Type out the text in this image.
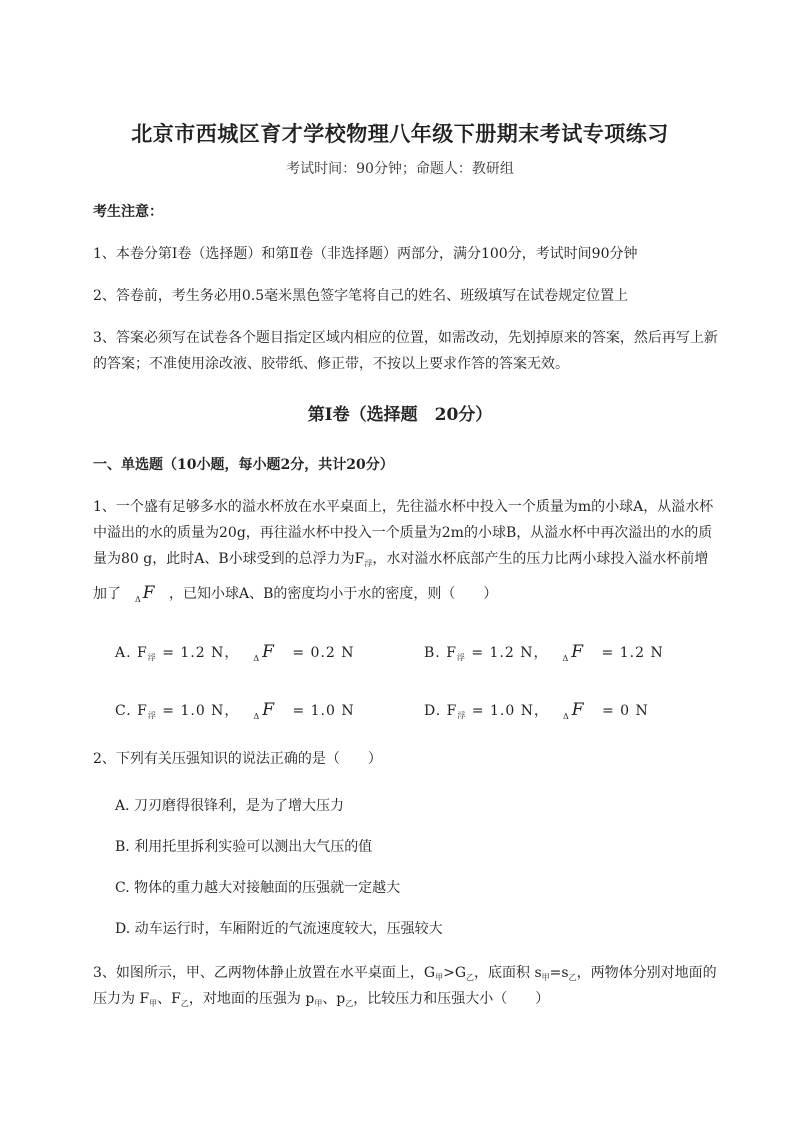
北京市西城区育才学校物理八年级下册期末考试专项练习
考试时间：90分钟；命题人：教研组
考生注意：
1、本卷分第I卷（选择题）和第Ⅱ卷（非选择题）两部分，满分100分，考试时间90分钟
2、答卷前，考生务必用0.5毫米黑色签字笔将自己的姓名、班级填写在试卷规定位置上
3、答案必须写在试卷各个题目指定区域内相应的位置，如需改动，先划掉原来的答案，然后再写上新
的答案；不准使用涂改液、胶带纸、修正带，不按以上要求作答的答案无效。
第I卷（选择题　20分）
一、单选题（10小题，每小题2分，共计20分）
1、一个盛有足够多水的溢水杯放在水平桌面上，先往溢水杯中投入一个质量为m的小球A，从溢水杯
中溢出的水的质量为20g，再往溢水杯中投入一个质量为2m的小球B，从溢水杯中再次溢出的水的质
量为80 g，此时A、B小球受到的总浮力为$F_浮$，水对溢水杯底部产生的压力比两小球投入溢水杯前增
加了 $_\Delta$ F ，已知小球A、B的密度均小于水的密度，则（　　）
A. $F_浮 = 1.2$ N， $_\Delta$ F = 0.2 N	B. $F_浮 = 1.2$ N， $_\Delta$ F = 1.2 N
C. $F_浮 = 1.0$ N， $_\Delta$ F = 1.0 N	D. $F_浮 = 1.0$ N， $_\Delta$ F = 0 N
2、下列有关压强知识的说法正确的是（　　）
A. 刀刃磨得很锋利，是为了增大压力
B. 利用托里拆利实验可以测出大气压的值
C. 物体的重力越大对接触面的压强就一定越大
D. 动车运行时，车厢附近的气流速度较大，压强较大
3、如图所示，甲、乙两物体静止放置在水平桌面上，$G_甲>G_乙$，底面积 $s_甲=s_乙$，两物体分别对地面的
压力为 $F_甲$、$F_乙$，对地面的压强为 $p_甲$、$p_乙$，比较压力和压强大小（　　）
